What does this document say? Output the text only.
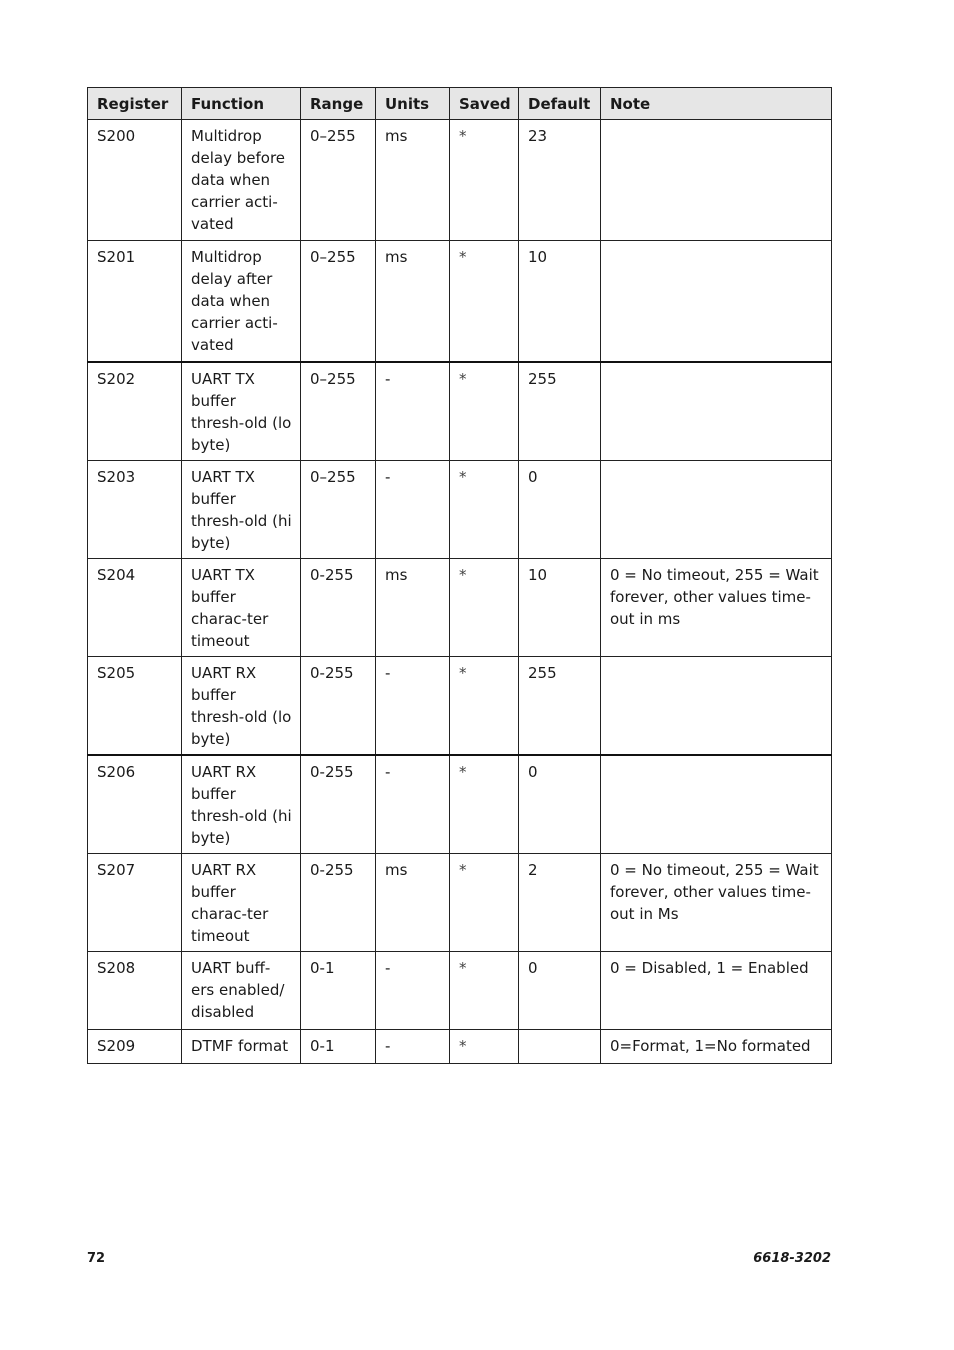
Register	Function	Range	Units	Saved	Default	Note
S200	Multidrop delay before data when carrier acti-vated	0–255	ms	*	23	
S201	Multidrop delay after data when carrier acti-vated	0–255	ms	*	10	
S202	UART TX buffer thresh-old (lo byte)	0–255	-	*	255	
S203	UART TX buffer thresh-old (hi byte)	0–255	-	*	0	
S204	UART TX buffer charac-ter timeout	0-255	ms	*	10	0 = No timeout, 255 = Wait forever, other values time-out in ms
S205	UART RX buffer thresh-old (lo byte)	0-255	-	*	255	
S206	UART RX buffer thresh-old (hi byte)	0-255	-	*	0	
S207	UART RX buffer charac-ter timeout	0-255	ms	*	2	0 = No timeout, 255 = Wait forever, other values time-out in Ms
S208	UART buff-ers enabled/ disabled	0-1	-	*	0	0 = Disabled, 1 = Enabled
S209	DTMF format	0-1	-	*		0=Format, 1=No formated
72	6618-3202
